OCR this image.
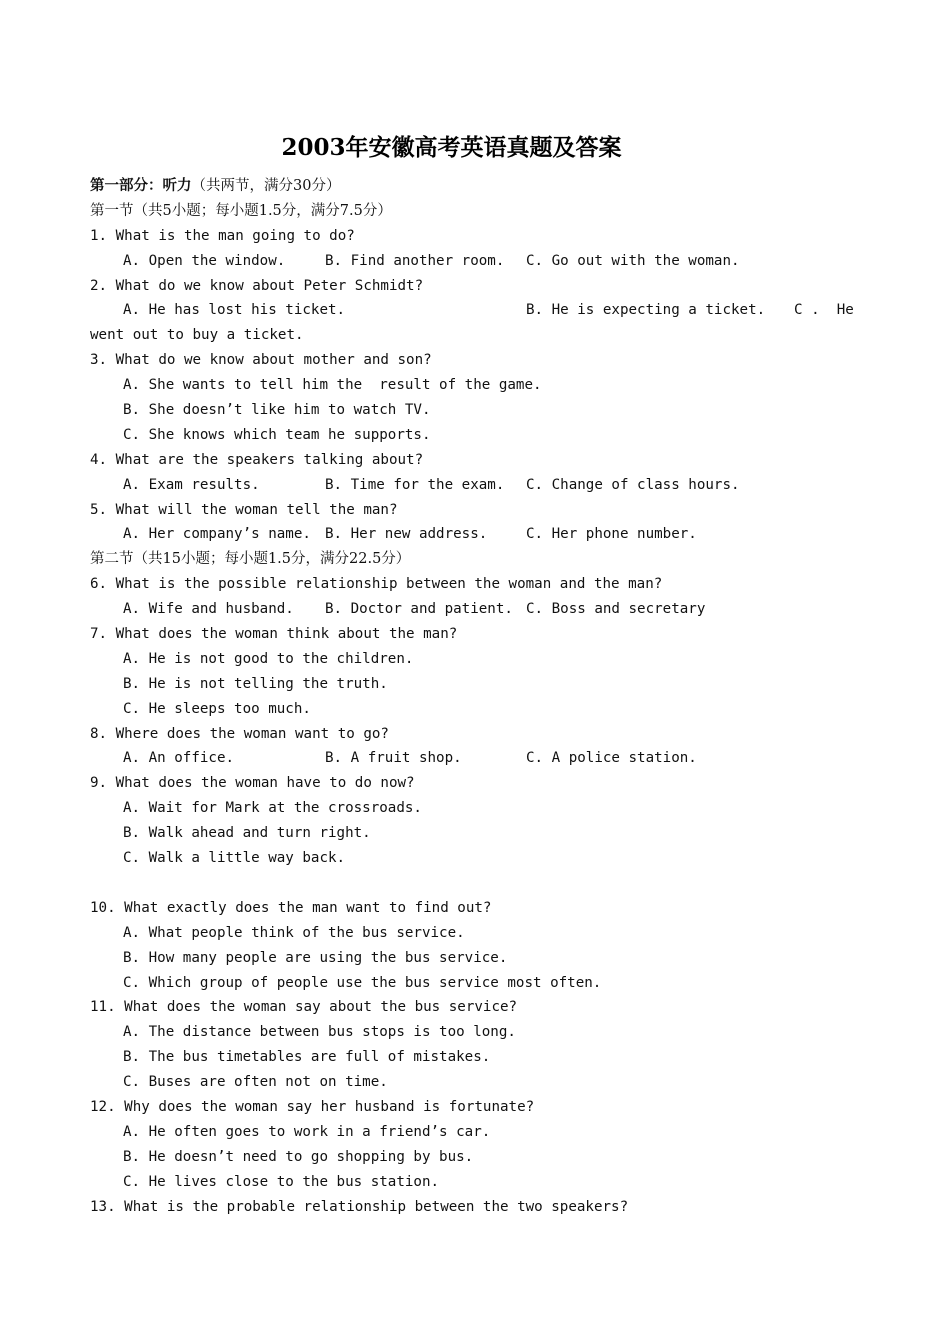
2003年安徽高考英语真题及答案
第一部分：听力（共两节，满分30分）
第一节（共5小题；每小题1.5分，满分7.5分）
1. What is the man going to do?

A. Open the window.

	B. Find another room.

C. Go out with the woman.

2. What do we know about Peter Schmidt?

A. He has lost his ticket.

	B. He is expecting a ticket.

C .  He

went out to buy a ticket.
3. What do we know about mother and son?
A. She wants to tell him the  result of the game.
B. She doesn’t like him to watch TV.
C. She knows which team he supports.
4. What are the speakers talking about?

A. Exam results.

	B. Time for the exam.

C. Change of class hours.

5. What will the woman tell the man?

A. Her company’s name.

B. Her new address.

	C. Her phone number.

第二节（共15小题；每小题1.5分，满分22.5分）
6. What is the possible relationship between the woman and the man?

A. Wife and husband.

B. Doctor and patient.

C. Boss and secretary

7. What does the woman think about the man?
A. He is not good to the children.
B. He is not telling the truth.
C. He sleeps too much.
8. Where does the woman want to go?

A. An office.

	B. A fruit shop.

	C. A police station.

9. What does the woman have to do now?
A. Wait for Mark at the crossroads.
B. Walk ahead and turn right.
C. Walk a little way back.
10. What exactly does the man want to find out?
A. What people think of the bus service.
B. How many people are using the bus service.
C. Which group of people use the bus service most often.
11. What does the woman say about the bus service?
A. The distance between bus stops is too long.
B. The bus timetables are full of mistakes.
C. Buses are often not on time.
12. Why does the woman say her husband is fortunate?
A. He often goes to work in a friend’s car.
B. He doesn’t need to go shopping by bus.
C. He lives close to the bus station.
13. What is the probable relationship between the two speakers?
